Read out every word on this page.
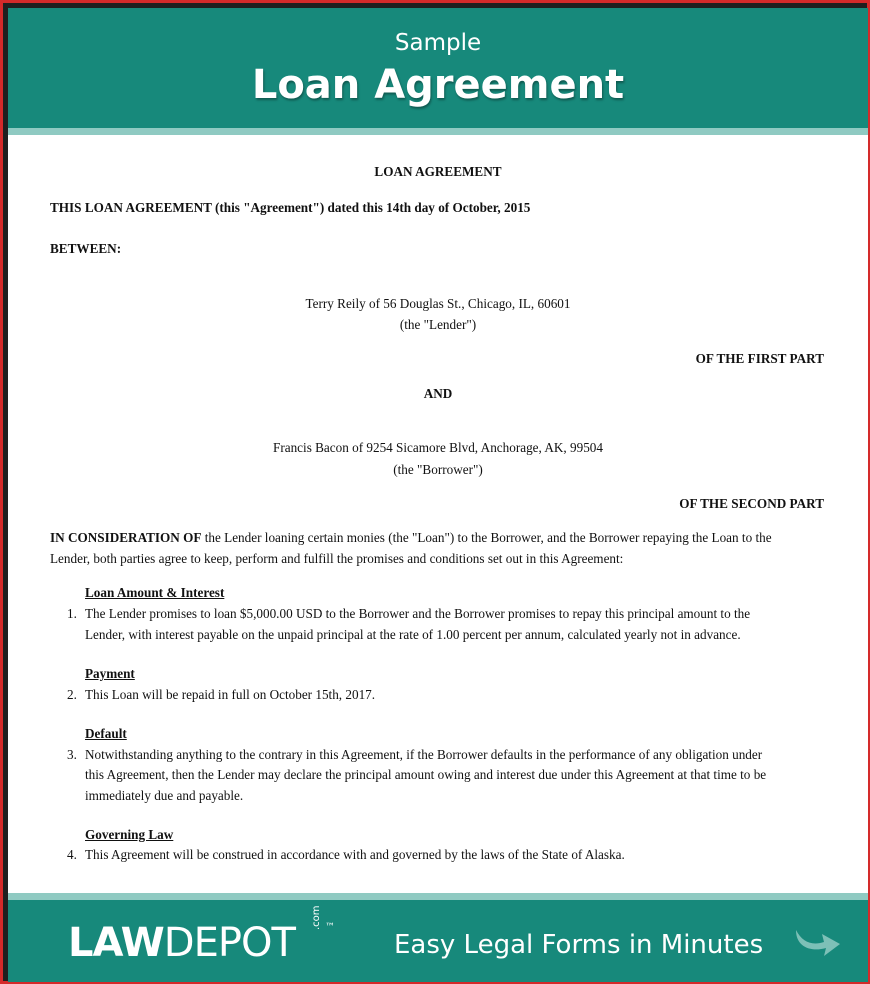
Sample
Loan Agreement
LOAN AGREEMENT
THIS LOAN AGREEMENT (this "Agreement") dated this 14th day of October, 2015
BETWEEN:
Terry Reily of 56 Douglas St., Chicago, IL, 60601
(the "Lender")
OF THE FIRST PART
AND
Francis Bacon of 9254 Sicamore Blvd, Anchorage, AK, 99504
(the "Borrower")
OF THE SECOND PART
IN CONSIDERATION OF the Lender loaning certain monies (the "Loan") to the Borrower, and the Borrower repaying the Loan to the
Lender, both parties agree to keep, perform and fulfill the promises and conditions set out in this Agreement:
Loan Amount & Interest
1. The Lender promises to loan $5,000.00 USD to the Borrower and the Borrower promises to repay this principal amount to the
Lender, with interest payable on the unpaid principal at the rate of 1.00 percent per annum, calculated yearly not in advance.
Payment
2. This Loan will be repaid in full on October 15th, 2017.
Default
3. Notwithstanding anything to the contrary in this Agreement, if the Borrower defaults in the performance of any obligation under
this Agreement, then the Lender may declare the principal amount owing and interest due under this Agreement at that time to be
immediately due and payable.
Governing Law
4. This Agreement will be construed in accordance with and governed by the laws of the State of Alaska.
LAWDEPOT
.com ™
Easy Legal Forms in Minutes
